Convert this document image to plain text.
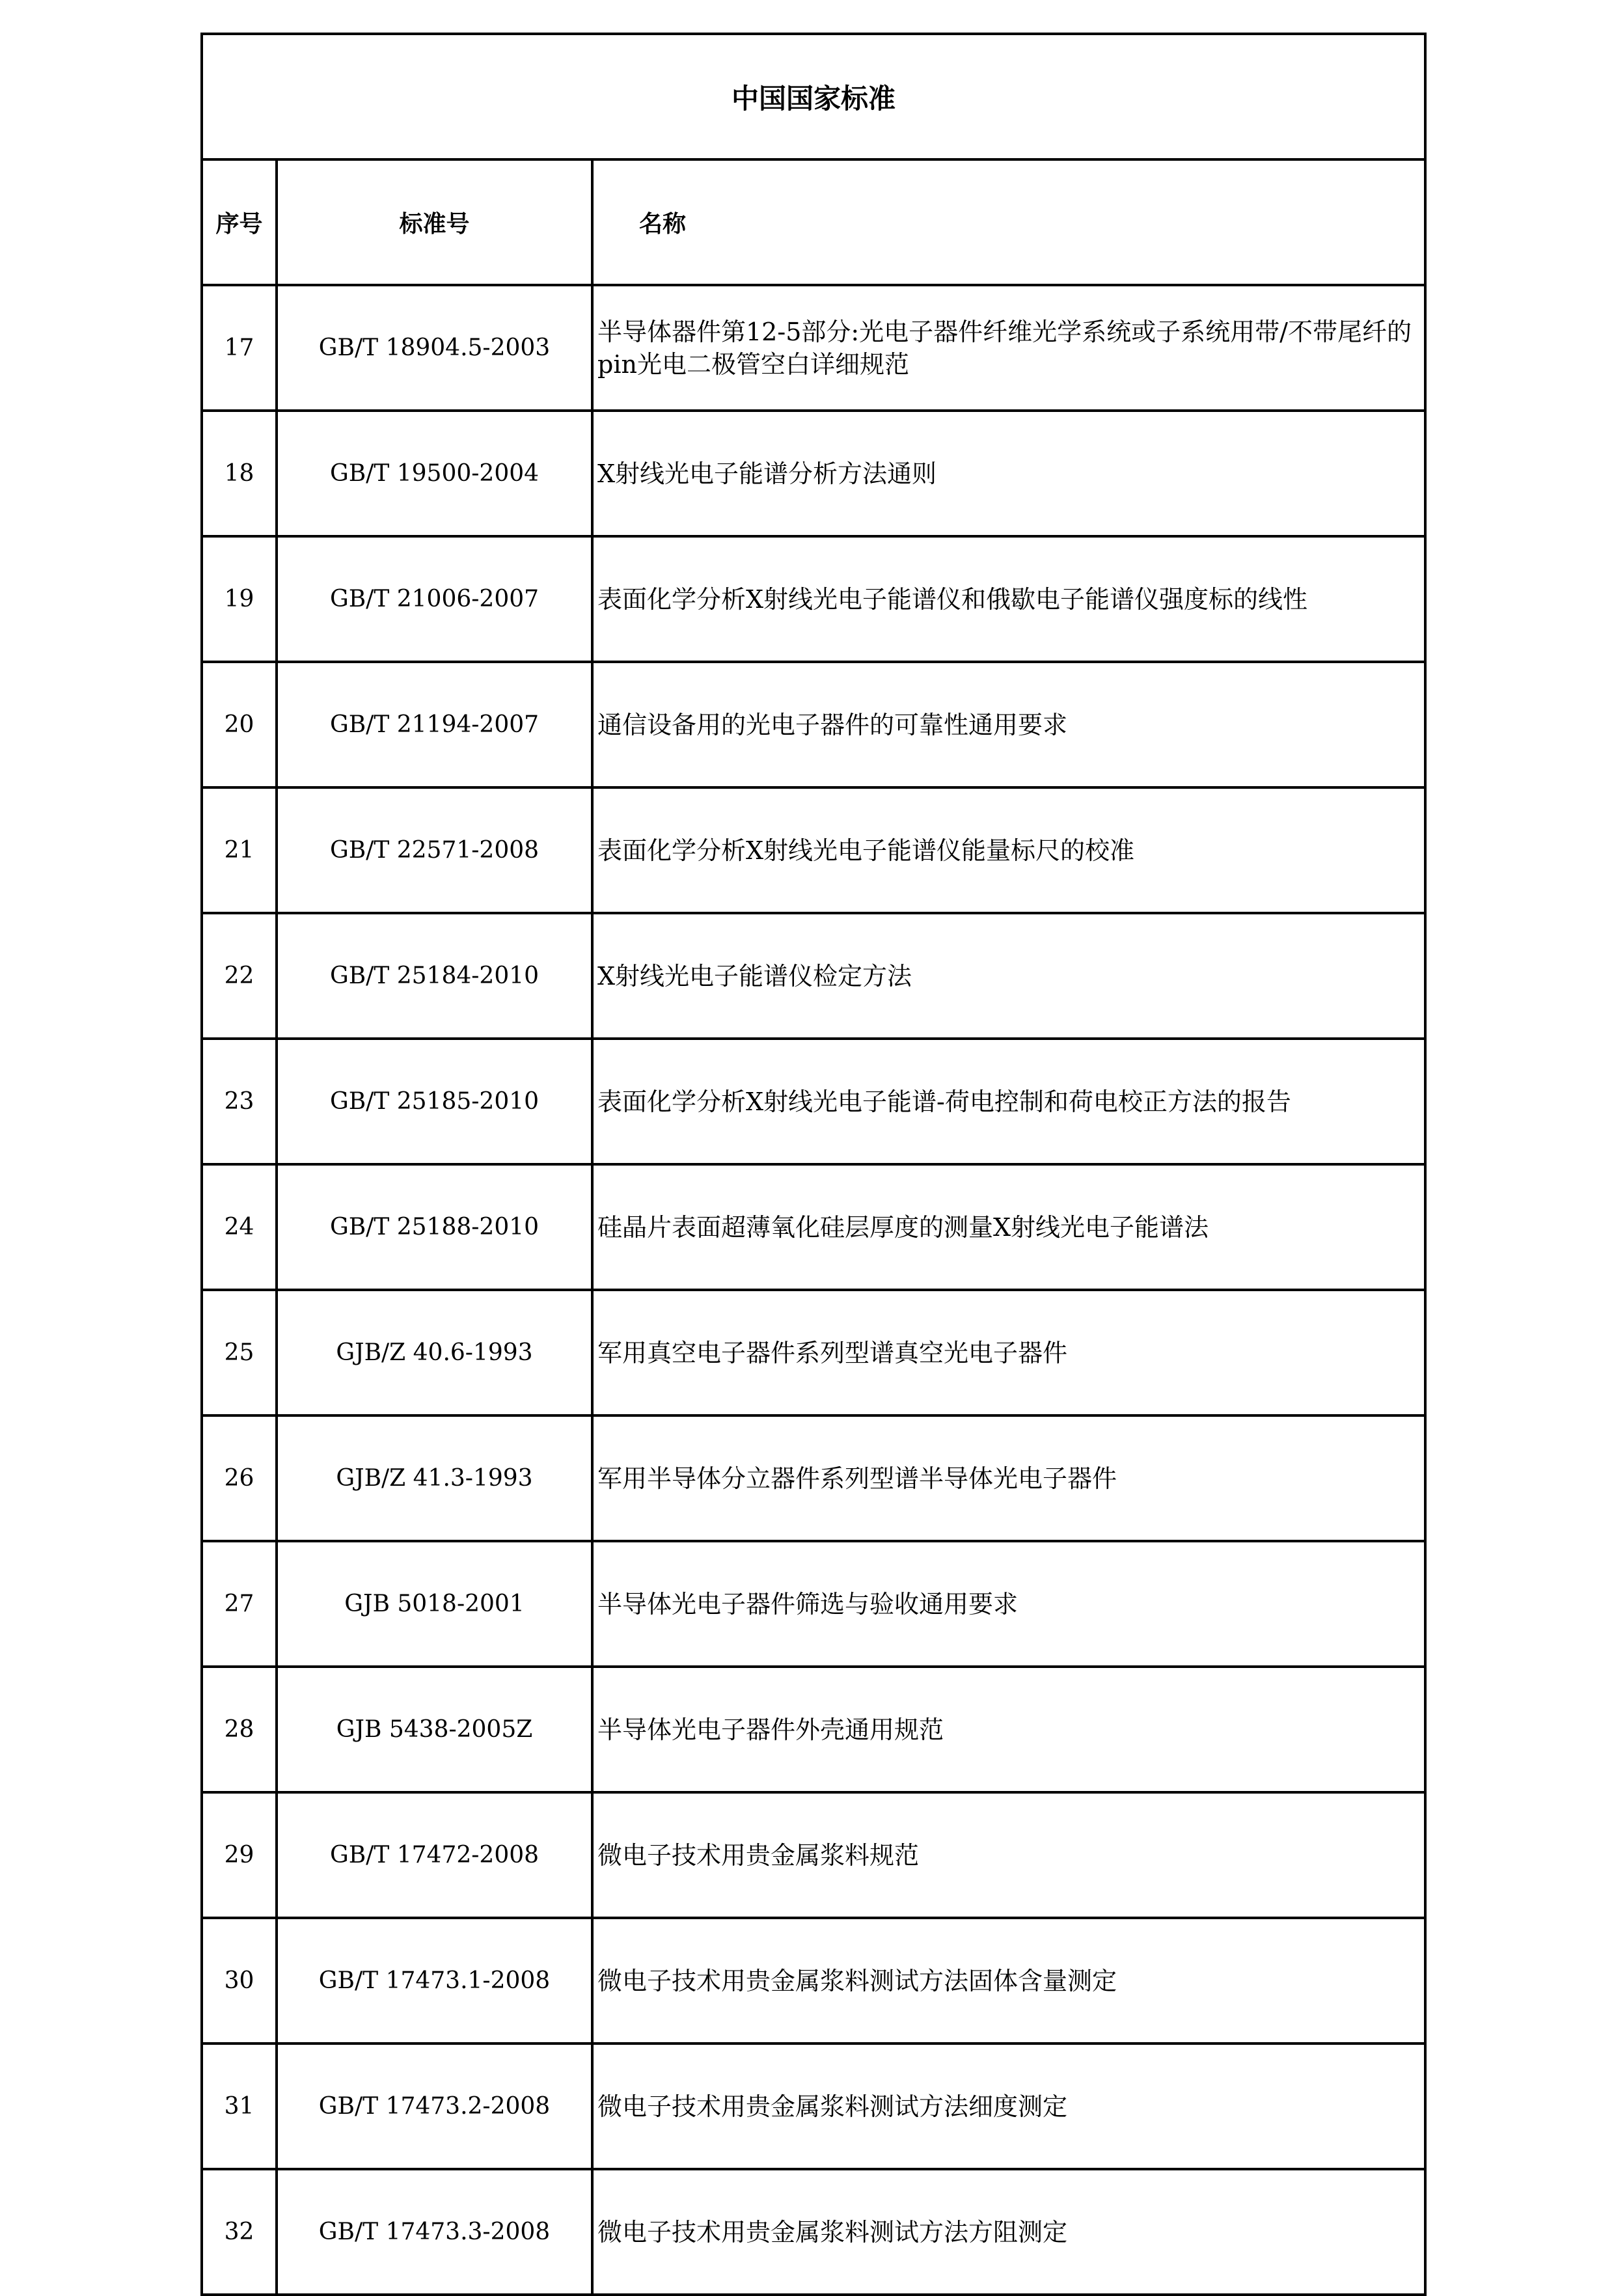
中国国家标准		
序号	标准号	名称
17	GB/T 18904.5-2003	半导体器件第12-5部分:光电子器件纤维光学系统或子系统用带/不带尾纤的pin光电二极管空白详细规范
18	GB/T 19500-2004	X射线光电子能谱分析方法通则
19	GB/T 21006-2007	表面化学分析X射线光电子能谱仪和俄歇电子能谱仪强度标的线性
20	GB/T 21194-2007	通信设备用的光电子器件的可靠性通用要求
21	GB/T 22571-2008	表面化学分析X射线光电子能谱仪能量标尺的校准
22	GB/T 25184-2010	X射线光电子能谱仪检定方法
23	GB/T 25185-2010	表面化学分析X射线光电子能谱-荷电控制和荷电校正方法的报告
24	GB/T 25188-2010	硅晶片表面超薄氧化硅层厚度的测量X射线光电子能谱法
25	GJB/Z 40.6-1993	军用真空电子器件系列型谱真空光电子器件
26	GJB/Z 41.3-1993	军用半导体分立器件系列型谱半导体光电子器件
27	GJB 5018-2001	半导体光电子器件筛选与验收通用要求
28	GJB 5438-2005Z	半导体光电子器件外壳通用规范
29	GB/T 17472-2008	微电子技术用贵金属浆料规范
30	GB/T 17473.1-2008	微电子技术用贵金属浆料测试方法固体含量测定
31	GB/T 17473.2-2008	微电子技术用贵金属浆料测试方法细度测定
32	GB/T 17473.3-2008	微电子技术用贵金属浆料测试方法方阻测定
